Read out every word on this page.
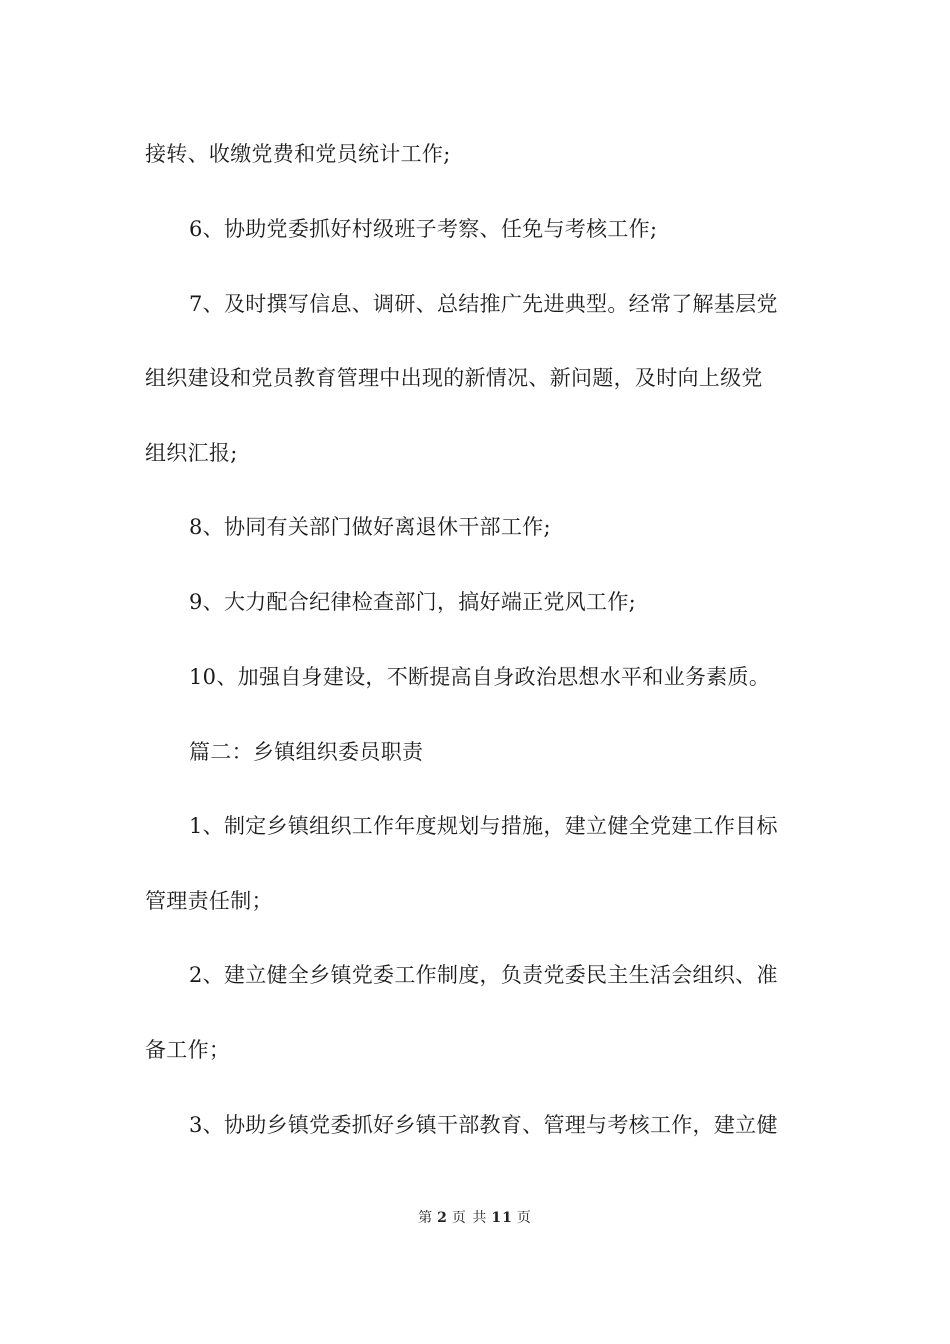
接转、收缴党费和党员统计工作;
6、协助党委抓好村级班子考察、任免与考核工作;
7、及时撰写信息、调研、总结推广先进典型。经常了解基层党
组织建设和党员教育管理中出现的新情况、新问题，及时向上级党
组织汇报;
8、协同有关部门做好离退休干部工作;
9、大力配合纪律检查部门，搞好端正党风工作;
10、加强自身建设，不断提高自身政治思想水平和业务素质。
篇二：乡镇组织委员职责
1、制定乡镇组织工作年度规划与措施，建立健全党建工作目标
管理责任制；
2、建立健全乡镇党委工作制度，负责党委民主生活会组织、准
备工作；
3、协助乡镇党委抓好乡镇干部教育、管理与考核工作，建立健
第 2 页 共 11 页
